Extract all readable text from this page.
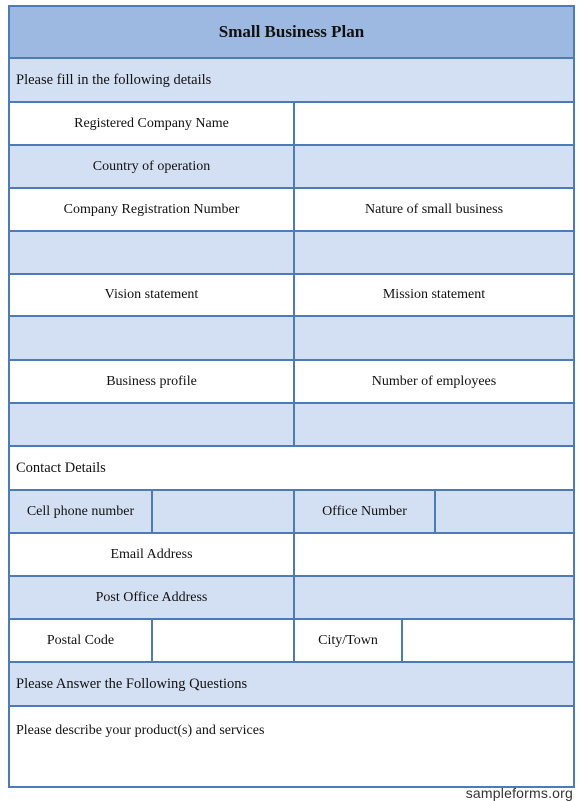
Small Business Plan
Please fill in the following details
Registered Company Name
Country of operation
Company Registration Number	Nature of small business
Vision statement	Mission statement
Business profile	Number of employees
Contact Details
Cell phone number	Office Number
Email Address
Post Office Address
Postal Code	City/Town
Please Answer the Following Questions
Please describe your product(s) and services
sampleforms.org
